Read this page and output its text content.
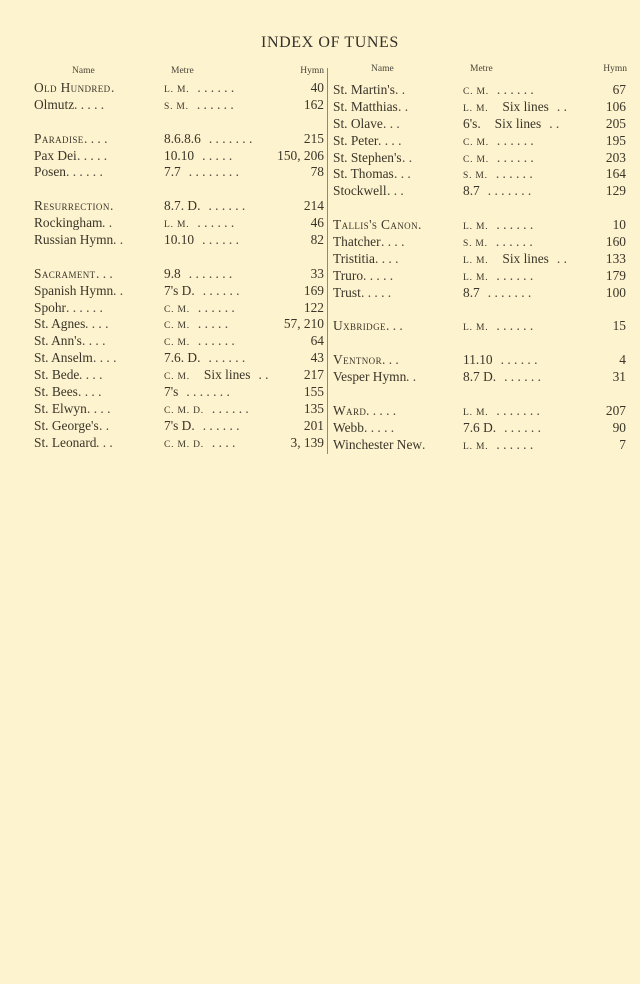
INDEX OF TUNES
Name	Metre	Hymn
Old Hundred .	L. M. . . . . . .	40
Olmutz . . . . .	S. M. . . . . . .	162
Paradise . . . .	8.6.8.6 . . . . . . .	215
Pax Dei . . . . .	10.10 . . . . .	150, 206
Posen . . . . . .	7.7 . . . . . . . .	78
Resurrection .	8.7. D. . . . . . .	214
Rockingham . .	L. M. . . . . . .	46
Russian Hymn . .	10.10 . . . . . .	82
Sacrament . . .	9.8 . . . . . . .	33
Spanish Hymn . .	7's D. . . . . . .	169
Spohr . . . . . .	C. M. . . . . . .	122
St. Agnes . . . .	C. M. . . . . .	57, 210
St. Ann's . . . .	C. M. . . . . . .	64
St. Anselm . . . .	7.6. D. . . . . . .	43
St. Bede . . . .	C. M. Six lines . .	217
St. Bees . . . .	7's . . . . . . .	155
St. Elwyn . . . .	C. M. D. . . . . . .	135
St. George's . .	7's D. . . . . . .	201
St. Leonard . . .	C. M. D. . . . .	3, 139
Name	Metre	Hymn
St. Martin's . .	C. M. . . . . . .	67
St. Matthias . .	L. M. Six lines . .	106
St. Olave . . .	6's. Six lines . .	205
St. Peter . . . .	C. M. . . . . . .	195
St. Stephen's . .	C. M. . . . . . .	203
St. Thomas . . .	S. M. . . . . . .	164
Stockwell . . .	8.7 . . . . . . .	129
Tallis's Canon .	L. M. . . . . . .	10
Thatcher . . . .	S. M. . . . . . .	160
Tristitia . . . .	L. M. Six lines . .	133
Truro . . . . .	L. M. . . . . . .	179
Trust . . . . .	8.7 . . . . . . .	100
Uxbridge . . .	L. M. . . . . . .	15
Ventnor . . .	11.10 . . . . . .	4
Vesper Hymn . .	8.7 D. . . . . . .	31
Ward . . . . .	L. M. . . . . . . .	207
Webb . . . . .	7.6 D. . . . . . .	90
Winchester New .	L. M. . . . . . .	7
